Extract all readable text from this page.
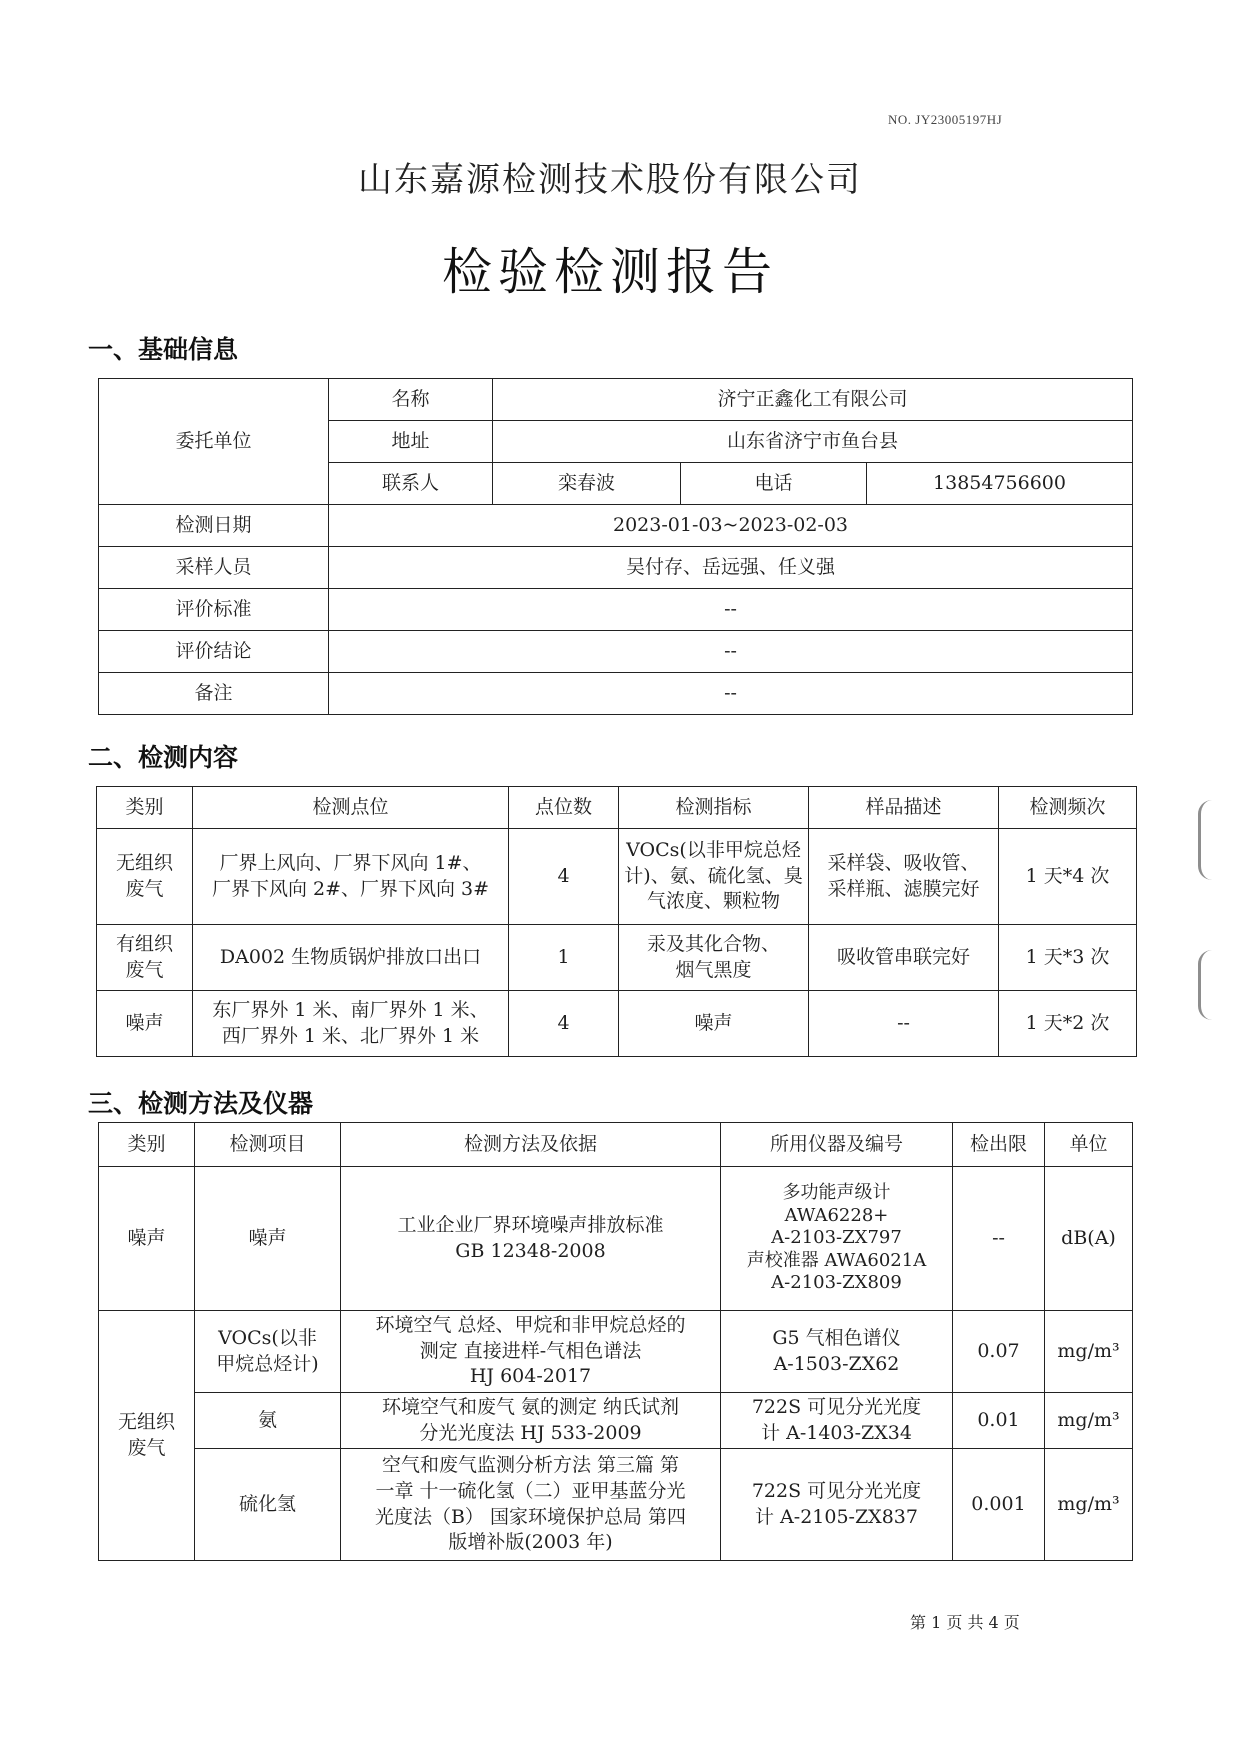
NO. JY23005197HJ
山东嘉源检测技术股份有限公司
检验检测报告
一、基础信息
委托单位	名称	济宁正鑫化工有限公司		
	地址	山东省济宁市鱼台县		
	联系人	栾春波	电话	13854756600
检测日期	2023-01-03~2023-02-03			
采样人员	吴付存、岳远强、任义强			
评价标准	--			
评价结论	--			
备注	--			
二、检测内容
类别	检测点位	点位数	检测指标	样品描述	检测频次
无组织
废气	厂界上风向、厂界下风向 1#、
厂界下风向 2#、厂界下风向 3#	4	VOCs(以非甲烷总烃
计)、氨、硫化氢、臭
气浓度、颗粒物	采样袋、吸收管、
采样瓶、滤膜完好	1 天*4 次
有组织
废气	DA002 生物质锅炉排放口出口	1	汞及其化合物、
烟气黑度	吸收管串联完好	1 天*3 次
噪声	东厂界外 1 米、南厂界外 1 米、
西厂界外 1 米、北厂界外 1 米	4	噪声	--	1 天*2 次
三、检测方法及仪器
类别	检测项目	检测方法及依据	所用仪器及编号	检出限	单位
噪声	噪声	工业企业厂界环境噪声排放标准
GB 12348-2008	多功能声级计
AWA6228+
A-2103-ZX797
声校准器 AWA6021A
A-2103-ZX809	--	dB(A)
无组织
废气	VOCs(以非
甲烷总烃计)	环境空气 总烃、甲烷和非甲烷总烃的
测定 直接进样-气相色谱法
HJ 604-2017	G5 气相色谱仪
A-1503-ZX62	0.07	mg/m³
	氨	环境空气和废气 氨的测定 纳氏试剂
分光光度法 HJ 533-2009	722S 可见分光光度
计 A-1403-ZX34	0.01	mg/m³
	硫化氢	空气和废气监测分析方法 第三篇 第
一章 十一硫化氢（二）亚甲基蓝分光
光度法（B） 国家环境保护总局 第四
版增补版(2003 年)	722S 可见分光光度
计 A-2105-ZX837	0.001	mg/m³
第 1 页 共 4 页
